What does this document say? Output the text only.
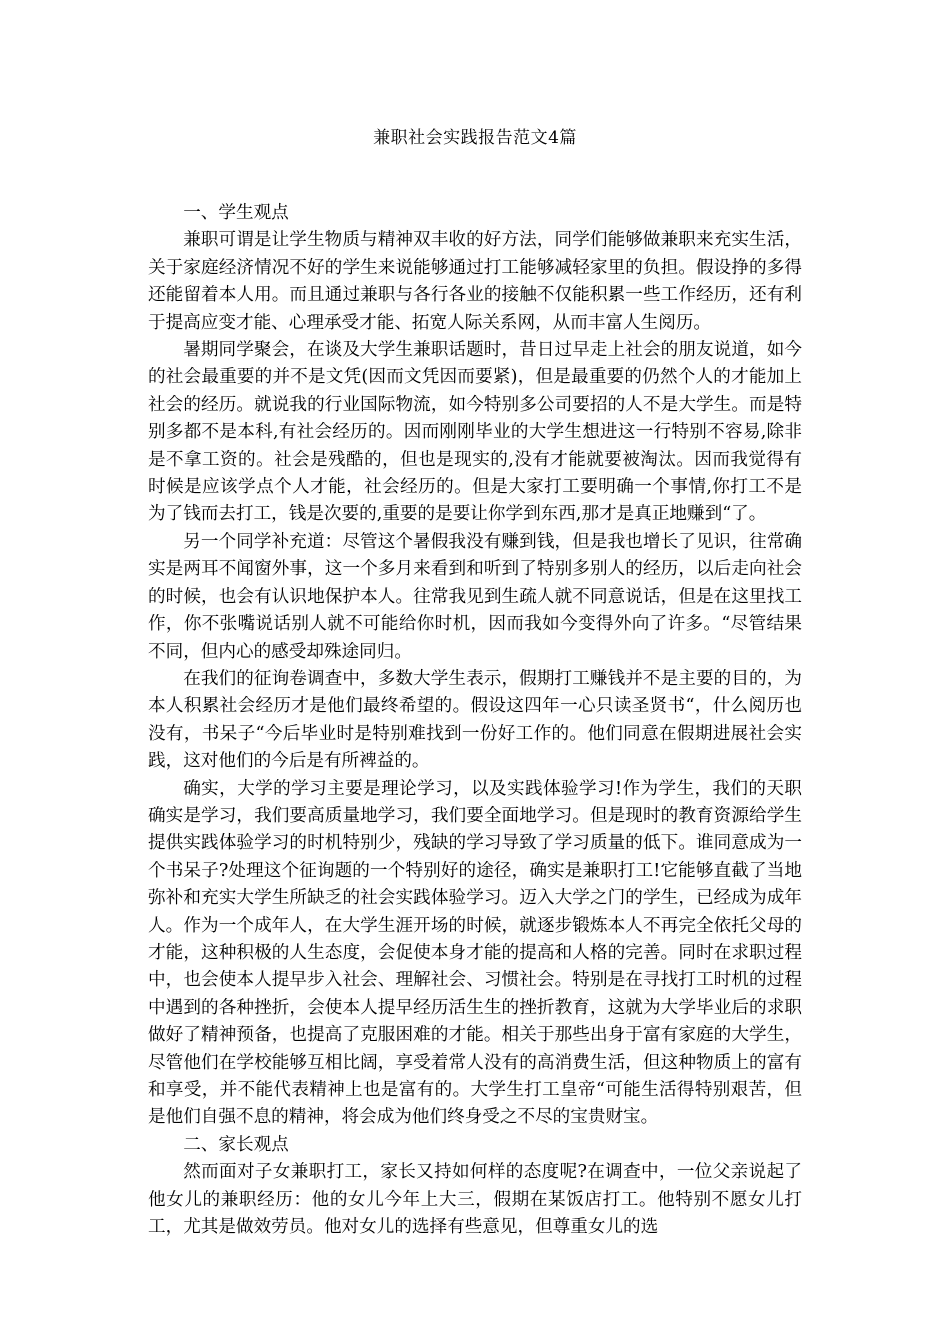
兼职社会实践报告范文4篇

一、学生观点

兼职可谓是让学生物质与精神双丰收的好方法，同学们能够做兼职来充实生活，关于家庭经济情况不好的学生来说能够通过打工能够减轻家里的负担。假设挣的多得还能留着本人用。而且通过兼职与各行各业的接触不仅能积累一些工作经历，还有利于提高应变才能、心理承受才能、拓宽人际关系网，从而丰富人生阅历。

暑期同学聚会，在谈及大学生兼职话题时，昔日过早走上社会的朋友说道，如今的社会最重要的并不是文凭(因而文凭因而要紧)，但是最重要的仍然个人的才能加上社会的经历。就说我的行业国际物流，如今特别多公司要招的人不是大学生。而是特别多都不是本科,有社会经历的。因而刚刚毕业的大学生想进这一行特别不容易,除非是不拿工资的。社会是残酷的，但也是现实的,没有才能就要被淘汰。因而我觉得有时候是应该学点个人才能，社会经历的。但是大家打工要明确一个事情,你打工不是为了钱而去打工，钱是次要的,重要的是要让你学到东西,那才是真正地赚到“了。

另一个同学补充道：尽管这个暑假我没有赚到钱，但是我也增长了见识，往常确实是两耳不闻窗外事，这一个多月来看到和听到了特别多别人的经历，以后走向社会的时候，也会有认识地保护本人。往常我见到生疏人就不同意说话，但是在这里找工作，你不张嘴说话别人就不可能给你时机，因而我如今变得外向了许多。“尽管结果不同，但内心的感受却殊途同归。

在我们的征询卷调查中，多数大学生表示，假期打工赚钱并不是主要的目的，为本人积累社会经历才是他们最终希望的。假设这四年一心只读圣贤书“，什么阅历也没有，书呆子“今后毕业时是特别难找到一份好工作的。他们同意在假期进展社会实践，这对他们的今后是有所裨益的。

确实，大学的学习主要是理论学习，以及实践体验学习!作为学生，我们的天职确实是学习，我们要高质量地学习，我们要全面地学习。但是现时的教育资源给学生提供实践体验学习的时机特别少，残缺的学习导致了学习质量的低下。谁同意成为一个书呆子?处理这个征询题的一个特别好的途径，确实是兼职打工!它能够直截了当地弥补和充实大学生所缺乏的社会实践体验学习。迈入大学之门的学生，已经成为成年人。作为一个成年人，在大学生涯开场的时候，就逐步锻炼本人不再完全依托父母的才能，这种积极的人生态度，会促使本身才能的提高和人格的完善。同时在求职过程中，也会使本人提早步入社会、理解社会、习惯社会。特别是在寻找打工时机的过程中遇到的各种挫折，会使本人提早经历活生生的挫折教育，这就为大学毕业后的求职做好了精神预备，也提高了克服困难的才能。相关于那些出身于富有家庭的大学生，尽管他们在学校能够互相比阔，享受着常人没有的高消费生活，但这种物质上的富有和享受，并不能代表精神上也是富有的。大学生打工皇帝“可能生活得特别艰苦，但是他们自强不息的精神，将会成为他们终身受之不尽的宝贵财宝。

二、家长观点

然而面对子女兼职打工，家长又持如何样的态度呢?在调查中，一位父亲说起了他女儿的兼职经历：他的女儿今年上大三，假期在某饭店打工。他特别不愿女儿打工，尤其是做效劳员。他对女儿的选择有些意见，但尊重女儿的选
